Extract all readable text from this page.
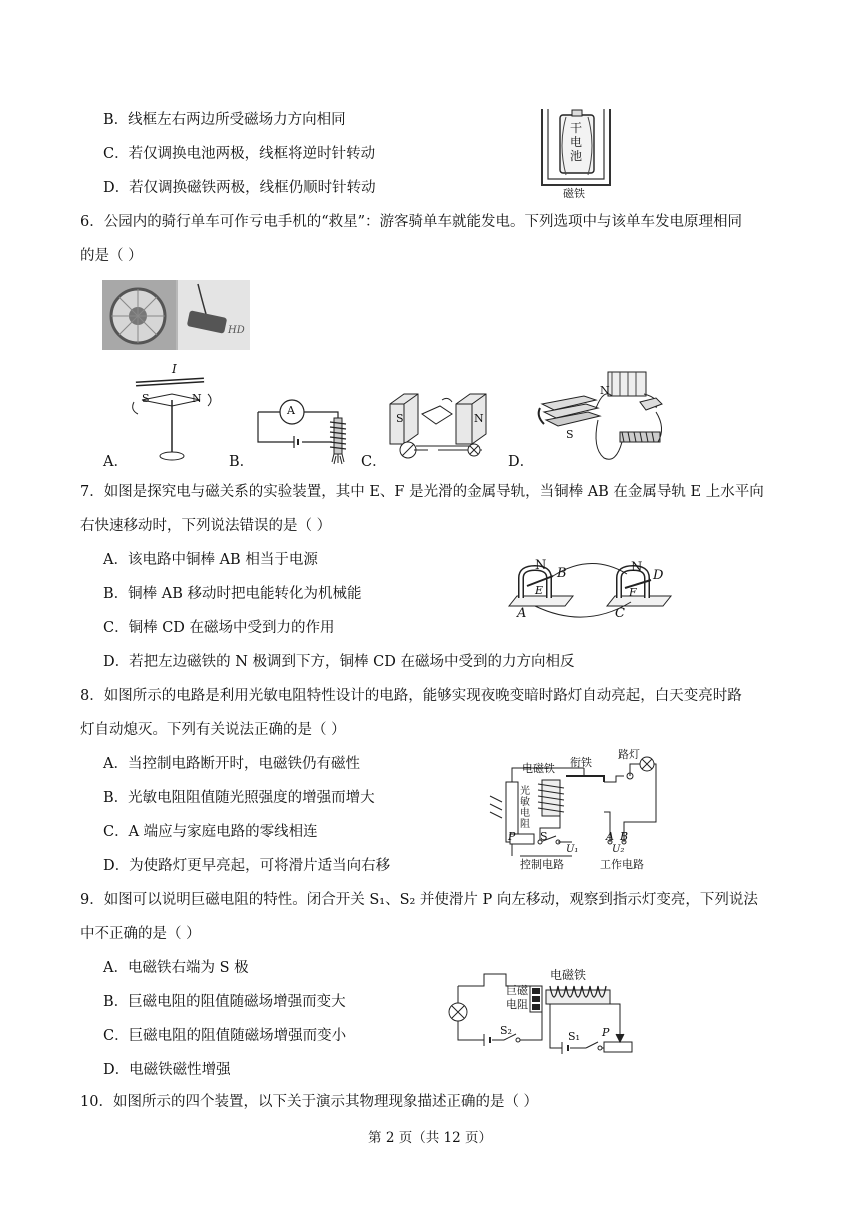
B．线框左右两边所受磁场力方向相同
C．若仅调换电池两极，线框将逆时针转动
D．若仅调换磁铁两极，线框仍顺时针转动
干
电
池
磁铁
6．公园内的骑行单车可作亏电手机的“救星”：游客骑单车就能发电。下列选项中与该单车发电原理相同
的是（ ）
HD
A．	B．	C．	D．
I
S	N
A
S	N
N
S
7．如图是探究电与磁关系的实验装置，其中 E、F 是光滑的金属导轨，当铜棒 AB 在金属导轨 E 上水平向
右快速移动时，下列说法错误的是（ ）
A．该电路中铜棒 AB 相当于电源
B．铜棒 AB 移动时把电能转化为机械能
C．铜棒 CD 在磁场中受到力的作用
D．若把左边磁铁的 N 极调到下方，铜棒 CD 在磁场中受到的力方向相反
N
B
E
A
N
D
F
C
8．如图所示的电路是利用光敏电阻特性设计的电路，能够实现夜晚变暗时路灯自动亮起，白天变亮时路
灯自动熄灭。下列有关说法正确的是（ ）
A．当控制电路断开时，电磁铁仍有磁性
B．光敏电阻阻值随光照强度的增强而增大
C．A 端应与家庭电路的零线相连
D．为使路灯更早亮起，可将滑片适当向右移
电磁铁 衔铁
路灯
光
敏
电
阻
P S
U₁
A B
U₂
控制电路	工作电路
9．如图可以说明巨磁电阻的特性。闭合开关 S₁、S₂ 并使滑片 P 向左移动，观察到指示灯变亮，下列说法
中不正确的是（ ）
A．电磁铁右端为 S 极
B．巨磁电阻的阻值随磁场增强而变大
C．巨磁电阻的阻值随磁场增强而变小
D．电磁铁磁性增强
巨磁
电阻
电磁铁
S₂	S₁ P
10．如图所示的四个装置，以下关于演示其物理现象描述正确的是（ ）
第 2 页（共 12 页）
